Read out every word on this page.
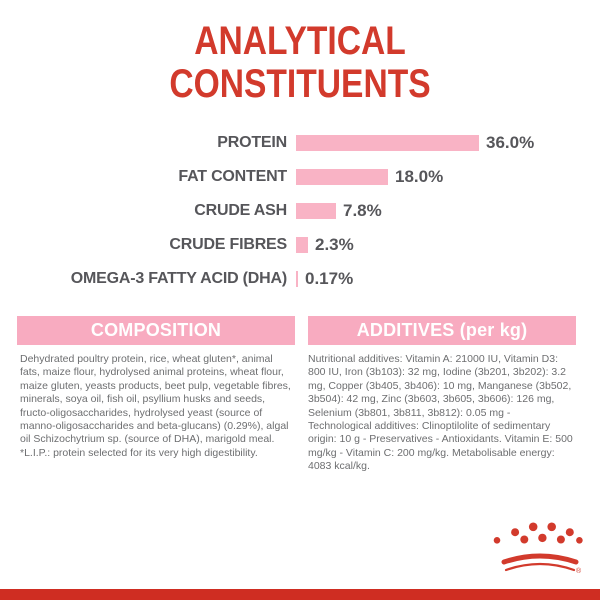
ANALYTICAL
CONSTITUENTS
PROTEIN	36.0%
FAT CONTENT	18.0%
CRUDE ASH	7.8%
CRUDE FIBRES 2.3%
OMEGA-3 FATTY ACID (DHA) 0.17%
COMPOSITION
Dehydrated poultry protein, rice, wheat gluten*, animal fats, maize flour, hydrolysed animal proteins, wheat flour, maize gluten, yeasts products, beet pulp, vegetable fibres, minerals, soya oil, fish oil, psyllium husks and seeds, fructo-oligosaccharides, hydrolysed yeast (source of manno-oligosaccharides and beta-glucans) (0.29%), algal oil Schizochytrium sp. (source of DHA), marigold meal.
*L.I.P.: protein selected for its very high digestibility.
ADDITIVES (per kg)
Nutritional additives: Vitamin A: 21000 IU, Vitamin D3: 800 IU, Iron (3b103): 32 mg, Iodine (3b201, 3b202): 3.2 mg, Copper (3b405, 3b406): 10 mg, Manganese (3b502, 3b504): 42 mg, Zinc (3b603, 3b605, 3b606): 126 mg, Selenium (3b801, 3b811, 3b812): 0.05 mg - Technological additives: Clinoptilolite of sedimentary origin: 10 g - Preservatives - Antioxidants. Vitamin E: 500 mg/kg - Vitamin C: 200 mg/kg. Metabolisable energy: 4083 kcal/kg.
®
